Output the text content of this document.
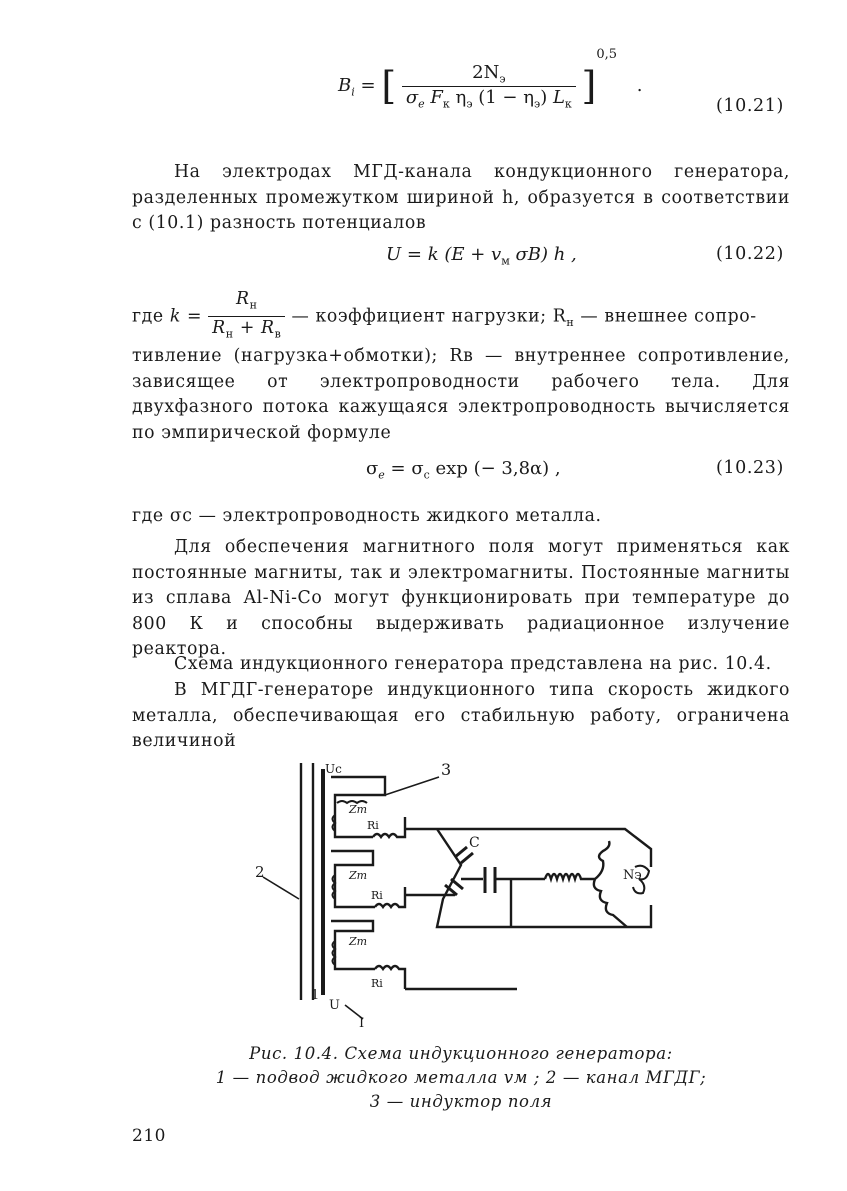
$B_i$ = [ $\frac{2N_э}{\sigma_e F_к \eta_э (1 - \eta_э) L_к} ]^{0,5}$ .
(10.21)

На электродах МГД-канала кондукционного генератора, разделенных промежутком шириной h, образуется в соответствии с (10.1) разность потенциалов

U = k ($E + v_м$ σB) h ,	(10.22)
где $k = \frac{R_н}{R_н + R_в}$ — коэффициент нагрузки; $R_н$ — внешнее сопро-

тивление (нагрузка+обмотки); Rв — внутреннее сопротивление, зависящее от электропроводности рабочего тела. Для двухфазного потока кажущаяся электропроводность вычисляется по эмпирической формуле

$\sigma_e = \sigma_с$ exp (− 3,8α) ,	(10.23)

где σс — электропроводность жидкого металла.

Для обеспечения магнитного поля могут применяться как постоянные магниты, так и электромагниты. Постоянные магниты из сплава Al-Ni-Co могут функционировать при температуре до 800 К и способны выдерживать радиационное излучение реактора.

Схема индукционного генератора представлена на рис. 10.4.

В МГДГ-генераторе индукционного типа скорость жидкого металла, обеспечивающая его стабильную работу, ограничена величиной

Uc	3
2
1
U
I
C
Nэ
Zт
Zт
Zт
Ri
Ri
Ri
Рис. 10.4. Схема индукционного генератора:
1 — подвод жидкого металла vм ; 2 — канал МГДГ;
3 — индуктор поля
210
